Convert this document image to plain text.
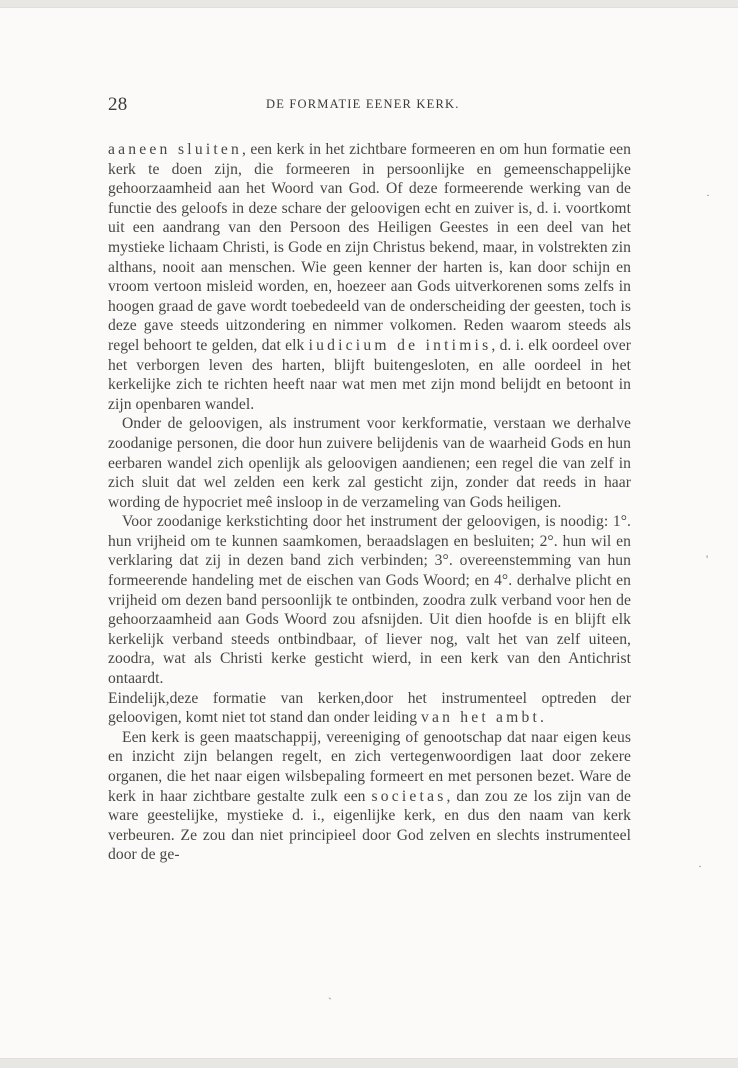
28	DE FORMATIE EENER KERK.

aaneen sluiten, een kerk in het zichtbare formeeren en om hun formatie een kerk te doen zijn, die formeeren in persoonlijke en gemeenschappelijke gehoorzaamheid aan het Woord van God. Of deze formeerende werking van de functie des geloofs in deze schare der geloovigen echt en zuiver is, d. i. voortkomt uit een aandrang van den Persoon des Heiligen Geestes in een deel van het mystieke lichaam Christi, is Gode en zijn Christus bekend, maar, in volstrekten zin althans, nooit aan menschen. Wie geen kenner der harten is, kan door schijn en vroom vertoon misleid worden, en, hoezeer aan Gods uitverkorenen soms zelfs in hoogen graad de gave wordt toebedeeld van de onderscheiding der geesten, toch is deze gave steeds uitzondering en nimmer volkomen. Reden waarom steeds als regel behoort te gelden, dat elk iudicium de intimis, d. i. elk oordeel over het verborgen leven des harten, blijft buitengesloten, en alle oordeel in het kerkelijke zich te richten heeft naar wat men met zijn mond belijdt en betoont in zijn openbaren wandel.

Onder de geloovigen, als instrument voor kerkformatie, verstaan we derhalve zoodanige personen, die door hun zuivere belijdenis van de waarheid Gods en hun eerbaren wandel zich openlijk als geloovigen aandienen; een regel die van zelf in zich sluit dat wel zelden een kerk zal gesticht zijn, zonder dat reeds in haar wording de hypocriet meê insloop in de verzameling van Gods heiligen.

Voor zoodanige kerkstichting door het instrument der geloovigen, is noodig: 1°. hun vrijheid om te kunnen saamkomen, beraadslagen en besluiten; 2°. hun wil en verklaring dat zij in dezen band zich verbinden; 3°. overeenstemming van hun formeerende handeling met de eischen van Gods Woord; en 4°. derhalve plicht en vrijheid om dezen band persoonlijk te ontbinden, zoodra zulk verband voor hen de gehoorzaamheid aan Gods Woord zou afsnijden. Uit dien hoofde is en blijft elk kerkelijk verband steeds ontbindbaar, of liever nog, valt het van zelf uiteen, zoodra, wat als Christi kerke gesticht wierd, in een kerk van den Antichrist ontaardt.

Eindelijk,deze formatie van kerken,door het instrumenteel optreden der geloovigen, komt niet tot stand dan onder leiding van het ambt.

Een kerk is geen maatschappij, vereeniging of genootschap dat naar eigen keus en inzicht zijn belangen regelt, en zich vertegenwoordigen laat door zekere organen, die het naar eigen wilsbepaling formeert en met personen bezet. Ware de kerk in haar zichtbare gestalte zulk een societas, dan zou ze los zijn van de ware geestelijke, mystieke d. i., eigenlijke kerk, en dus den naam van kerk verbeuren. Ze zou dan niet principieel door God zelven en slechts instrumenteel door de ge-

·
'
·
`
